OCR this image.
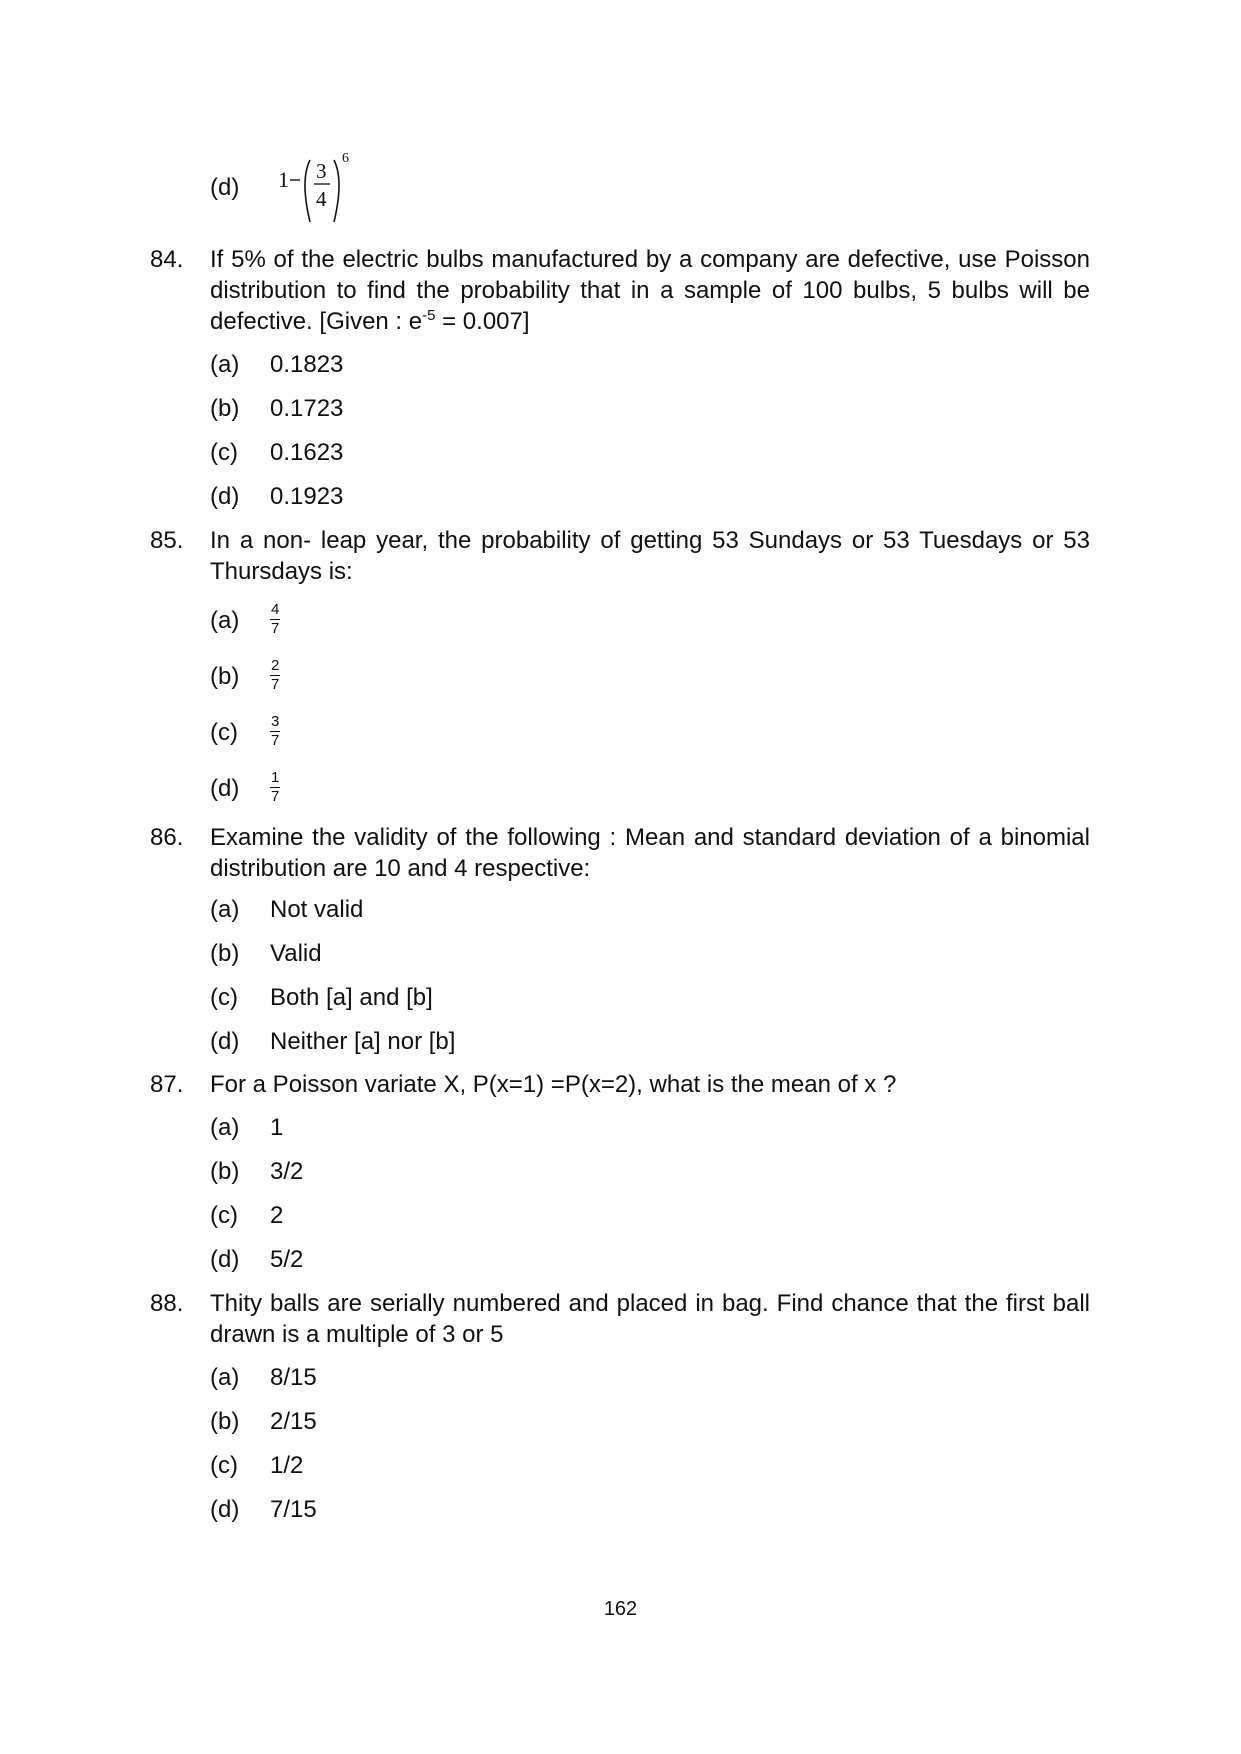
(d)	1 3
4
6
84. If 5% of the electric bulbs manufactured by a company are defective, use Poisson distribution to find the probability that in a sample of 100 bulbs, 5 bulbs will be defective. [Given : $e^{-5} = 0.007$]
(a) 0.1823
(b) 0.1723
(c) 0.1623
(d) 0.1923
85. In a non- leap year, the probability of getting 53 Sundays or 53 Tuesdays or 53 Thursdays is:
$(a) \frac{4}{7}$
$(b) \frac{2}{7}$
$(c) \frac{3}{7}$
$(d) \frac{1}{7}$
86. Examine the validity of the following : Mean and standard deviation of a binomial distribution are 10 and 4 respective:
(a) Not valid
(b) Valid
(c) Both [a] and [b]
(d) Neither [a] nor [b]
87. For a Poisson variate X, P(x=1) =P(x=2), what is the mean of x ?
(a) 1
(b) 3/2
(c) 2
(d) 5/2
88. Thity balls are serially numbered and placed in bag. Find chance that the first ball drawn is a multiple of 3 or 5
(a) 8/15
(b) 2/15
(c) 1/2
(d) 7/15
162
